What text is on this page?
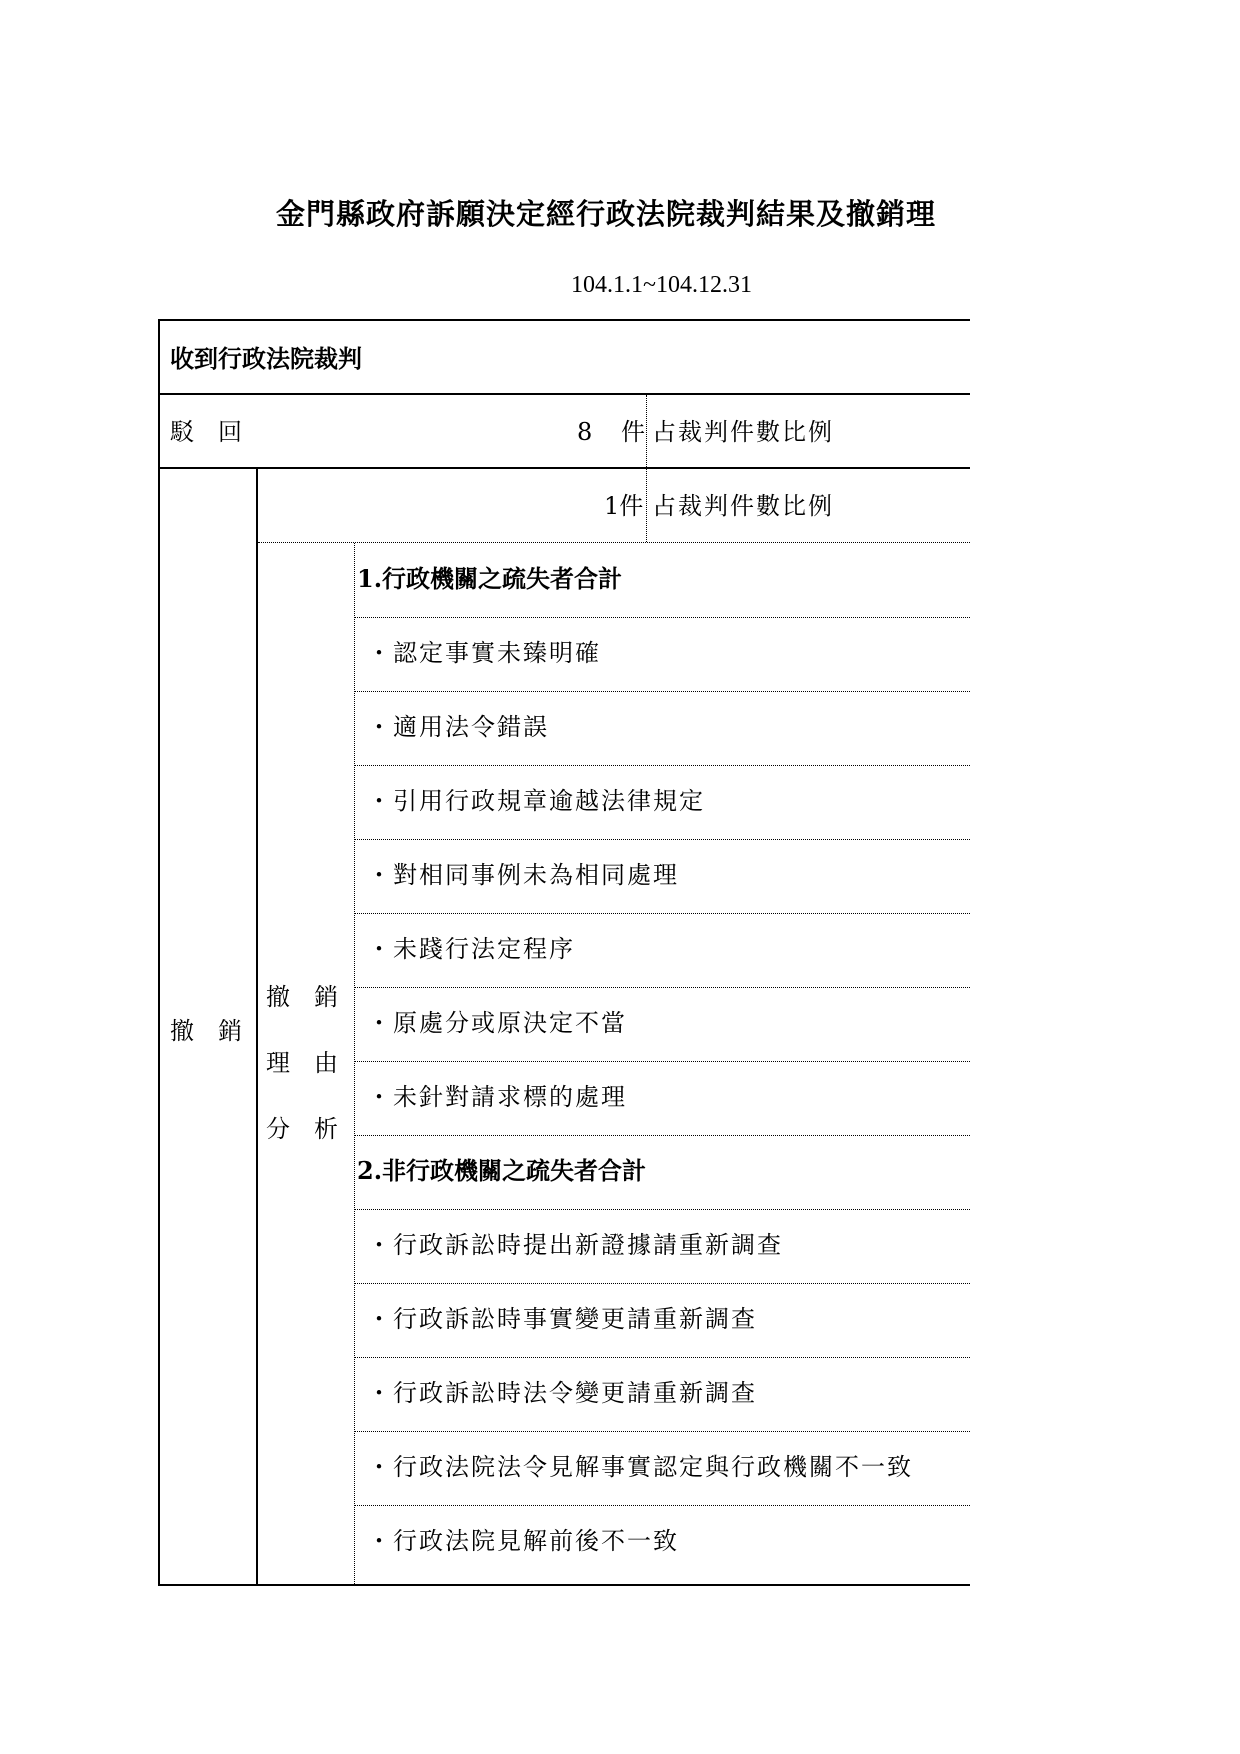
金門縣政府訴願決定經行政法院裁判結果及撤銷理
104.1.1~104.12.31
收到行政法院裁判
駁　回	8 件 占裁判件數比例
撤　銷
1件 占裁判件數比例
撤　銷
理　由
分　析
1.行政機關之疏失者合計
・認定事實未臻明確
・適用法令錯誤
・引用行政規章逾越法律規定
・對相同事例未為相同處理
・未踐行法定程序
・原處分或原決定不當
・未針對請求標的處理
2.非行政機關之疏失者合計
・行政訴訟時提出新證據請重新調查
・行政訴訟時事實變更請重新調查
・行政訴訟時法令變更請重新調查
・行政法院法令見解事實認定與行政機關不一致
・行政法院見解前後不一致
